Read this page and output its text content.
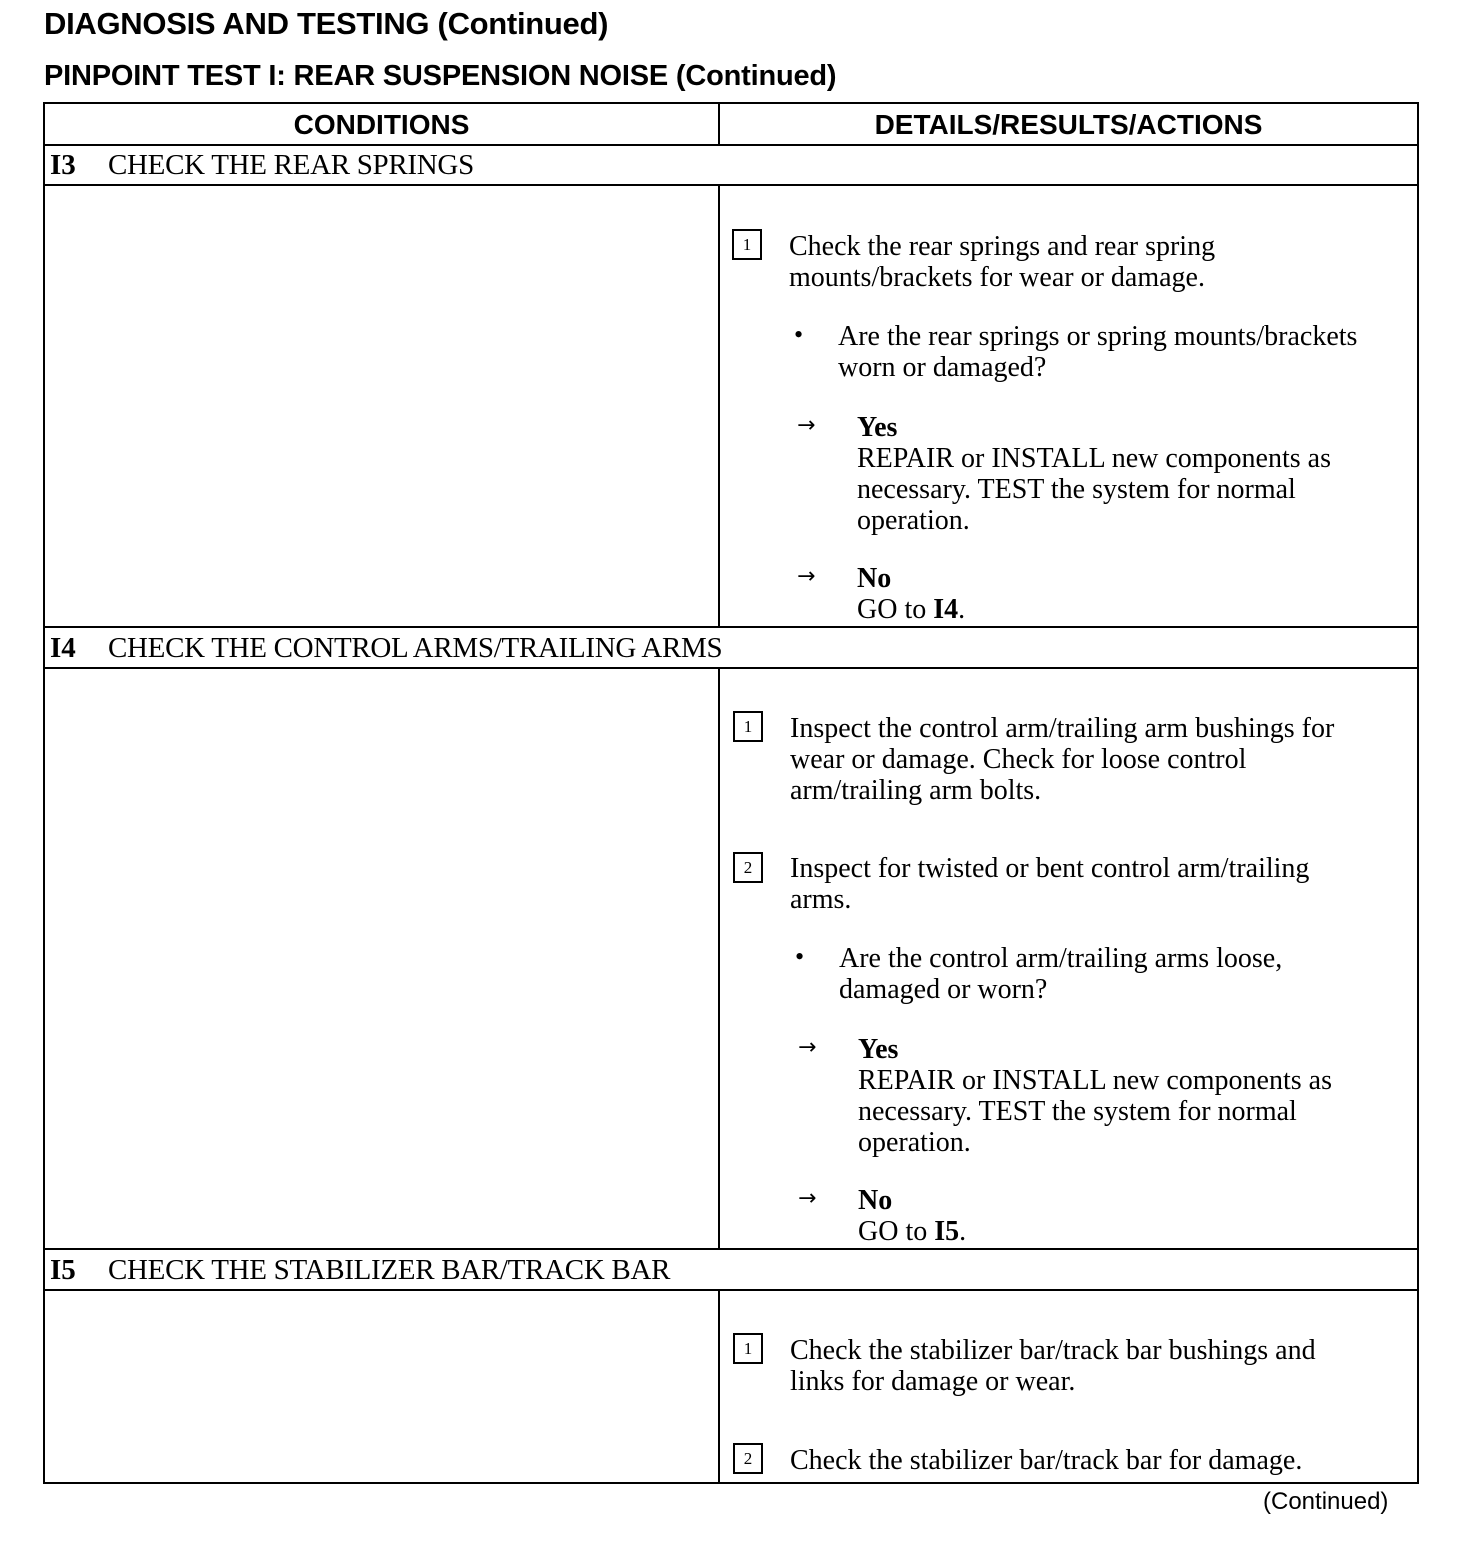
DIAGNOSIS AND TESTING (Continued)
PINPOINT TEST I: REAR SUSPENSION NOISE (Continued)
CONDITIONS	DETAILS/RESULTS/ACTIONS
I3 CHECK THE REAR SPRINGS
1	Check the rear springs and rear spring
mounts/brackets for wear or damage.
• Are the rear springs or spring mounts/brackets
worn or damaged?
→ Yes
REPAIR or INSTALL new components as
necessary. TEST the system for normal
operation.
→ No
GO to I4.
I4 CHECK THE CONTROL ARMS/TRAILING ARMS
1	Inspect the control arm/trailing arm bushings for
wear or damage. Check for loose control
arm/trailing arm bolts.
2	Inspect for twisted or bent control arm/trailing
arms.
• Are the control arm/trailing arms loose,
damaged or worn?
→ Yes
REPAIR or INSTALL new components as
necessary. TEST the system for normal
operation.
→ No
GO to I5.
I5 CHECK THE STABILIZER BAR/TRACK BAR
1	Check the stabilizer bar/track bar bushings and
links for damage or wear.
2	Check the stabilizer bar/track bar for damage.
(Continued)
